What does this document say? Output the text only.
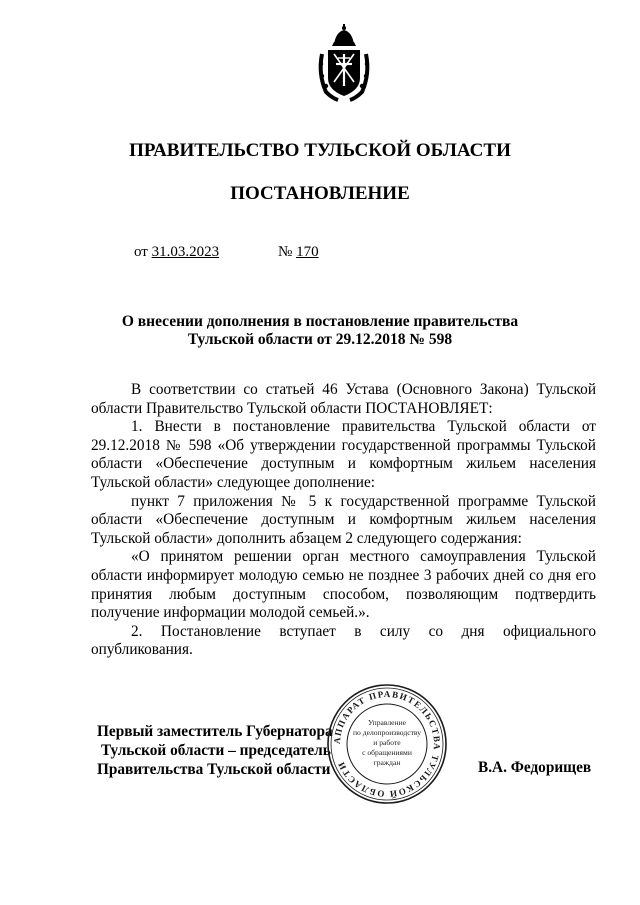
ПРАВИТЕЛЬСТВО ТУЛЬСКОЙ ОБЛАСТИ
ПОСТАНОВЛЕНИЕ
от 31.03.2023	№ 170
О внесении дополнения в постановление правительства
Тульской области от 29.12.2018 № 598

В соответствии со статьей 46 Устава (Основного Закона) Тульской области Правительство Тульской области ПОСТАНОВЛЯЕТ:

1. Внести в постановление правительства Тульской области от 29.12.2018 № 598 «Об утверждении государственной программы Тульской области «Обеспечение доступным и комфортным жильем населения Тульской области» следующее дополнение:

пункт 7 приложения № 5 к государственной программе Тульской области «Обеспечение доступным и комфортным жильем населения Тульской области» дополнить абзацем 2 следующего содержания:

«О принятом решении орган местного самоуправления Тульской области информирует молодую семью не позднее 3 рабочих дней со дня его принятия любым доступным способом, позволяющим подтвердить получение информации молодой семьей.».

2. Постановление вступает в силу со дня официального опубликования.

Первый заместитель Губернатора
Тульской области – председатель
Правительства Тульской области	В.А. Федорищев
АППАРАТ ПРАВИТЕЛЬСТВА ТУЛЬСКОЙ ОБЛАСТИ
Управление
по делопроизводству
и работе
с обращениями
граждан
